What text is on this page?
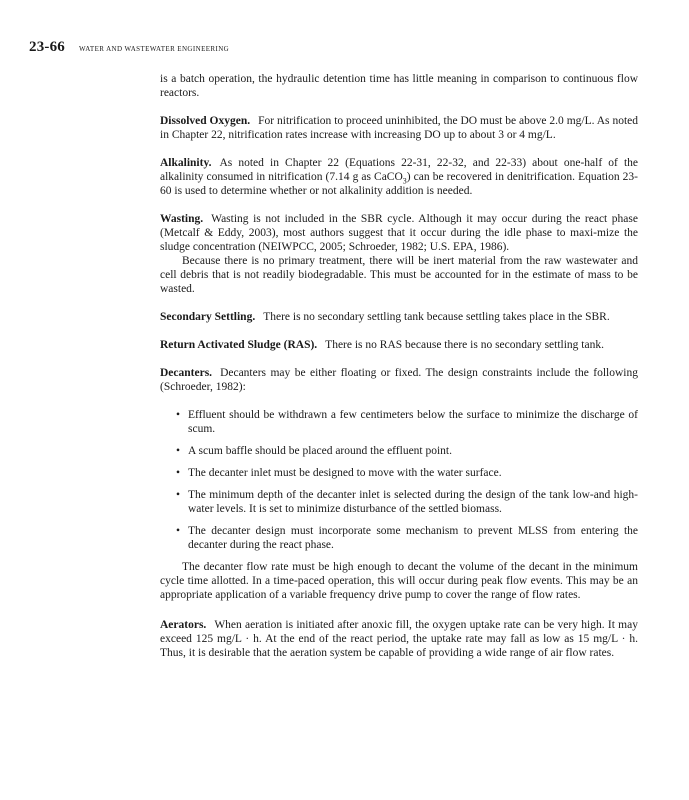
23-66 WATER AND WASTEWATER ENGINEERING

is a batch operation, the hydraulic detention time has little meaning in comparison to continuous flow reactors.

Dissolved Oxygen. For nitrification to proceed uninhibited, the DO must be above 2.0 mg/L. As noted in Chapter 22, nitrification rates increase with increasing DO up to about 3 or 4 mg/L.

Alkalinity. As noted in Chapter 22 (Equations 22-31, 22-32, and 22-33) about one-half of the alkalinity consumed in nitrification (7.14 g as CaCO$_3$) can be recovered in denitrification. Equation 23-60 is used to determine whether or not alkalinity addition is needed.

Wasting. Wasting is not included in the SBR cycle. Although it may occur during the react phase (Metcalf & Eddy, 2003), most authors suggest that it occur during the idle phase to maxi-mize the sludge concentration (NEIWPCC, 2005; Schroeder, 1982; U.S. EPA, 1986).

Because there is no primary treatment, there will be inert material from the raw wastewater and cell debris that is not readily biodegradable. This must be accounted for in the estimate of mass to be wasted.

Secondary Settling. There is no secondary settling tank because settling takes place in the SBR.

Return Activated Sludge (RAS). There is no RAS because there is no secondary settling tank.

Decanters. Decanters may be either floating or fixed. The design constraints include the following (Schroeder, 1982):

• Effluent should be withdrawn a few centimeters below the surface to minimize the discharge of scum.
• A scum baffle should be placed around the effluent point.
• The decanter inlet must be designed to move with the water surface.
• The minimum depth of the decanter inlet is selected during the design of the tank low-and high-water levels. It is set to minimize disturbance of the settled biomass.
• The decanter design must incorporate some mechanism to prevent MLSS from entering the decanter during the react phase.

The decanter flow rate must be high enough to decant the volume of the decant in the minimum cycle time allotted. In a time-paced operation, this will occur during peak flow events. This may be an appropriate application of a variable frequency drive pump to cover the range of flow rates.

Aerators. When aeration is initiated after anoxic fill, the oxygen uptake rate can be very high. It may exceed 125 mg/L · h. At the end of the react period, the uptake rate may fall as low as 15 mg/L · h. Thus, it is desirable that the aeration system be capable of providing a wide range of air flow rates.
